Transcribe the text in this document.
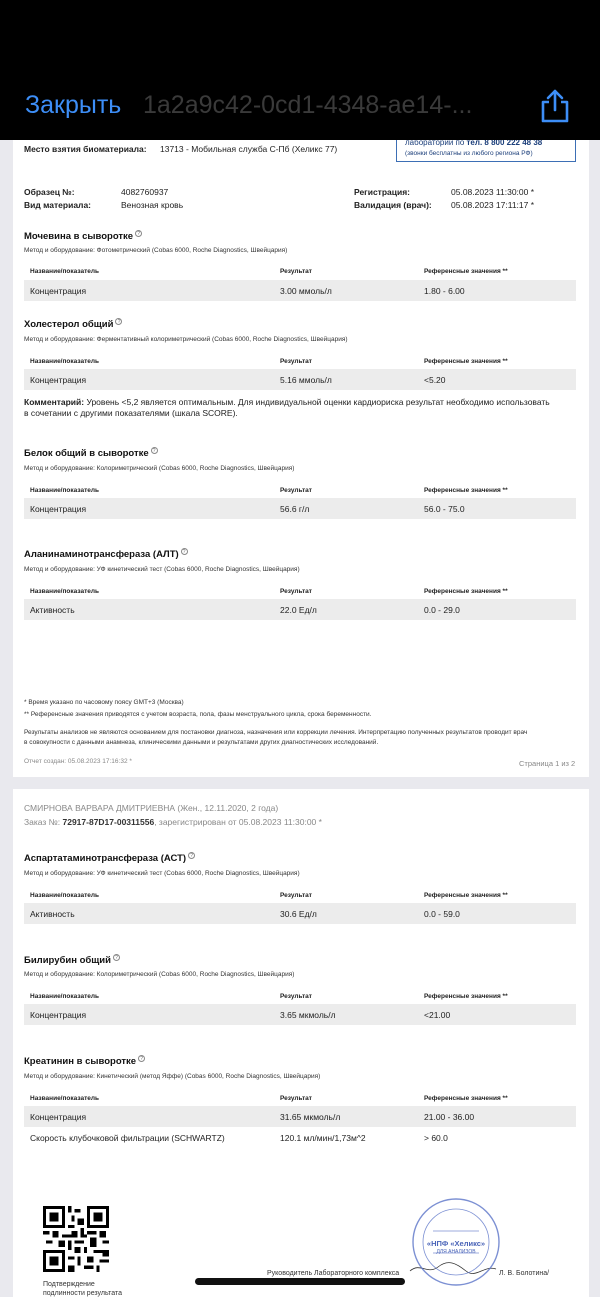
Закрыть 1a2a9c42-0cd1-4348-ae14-...
лаборатории по тел. 8 800 222 48 38
(звонки бесплатны из любого региона РФ)
Место взятия биоматериала: 13713 - Мобильная служба С-Пб (Хеликс 77)
Образец №:	4082760937
Вид материала:	Венозная кровь
Регистрация:	05.08.2023 11:30:00 *
Валидация (врач): 05.08.2023 17:11:17 *
Мочевина в сыворотке ?
Метод и оборудование: Фотометрический (Cobas 6000, Roche Diagnostics, Швейцария)
Название/показатель	Результат	Референсные значения **
Концентрация	3.00 ммоль/л	1.80 - 6.00
Холестерол общий ?
Метод и оборудование: Ферментативный колориметрический (Cobas 6000, Roche Diagnostics, Швейцария)
Название/показатель	Результат	Референсные значения **
Концентрация	5.16 ммоль/л	<5.20
Комментарий: Уровень <5,2 является оптимальным. Для индивидуальной оценки кардиориска результат необходимо использовать
в сочетании с другими показателями (шкала SCORE).
Белок общий в сыворотке ?
Метод и оборудование: Колориметрический (Cobas 6000, Roche Diagnostics, Швейцария)
Название/показатель	Результат	Референсные значения **
Концентрация	56.6 г/л	56.0 - 75.0
Аланинаминотрансфераза (АЛТ) ?
Метод и оборудование: УФ кинетический тест (Cobas 6000, Roche Diagnostics, Швейцария)
Название/показатель	Результат	Референсные значения **
Активность	22.0 Ед/л	0.0 - 29.0
* Время указано по часовому поясу GMT+3 (Москва)
** Референсные значения приводятся с учетом возраста, пола, фазы менструального цикла, срока беременности.
Результаты анализов не являются основанием для постановки диагноза, назначения или коррекции лечения. Интерпретацию полученных результатов проводит врач
в совокупности с данными анамнеза, клиническими данными и результатами других диагностических исследований.
Отчет создан: 05.08.2023 17:16:32 *	Страница 1 из 2
СМИРНОВА ВАРВАРА ДМИТРИЕВНА (Жен., 12.11.2020, 2 года)
Заказ №: 72917-87D17-00311556, зарегистрирован от 05.08.2023 11:30:00 *
Аспартатаминотрансфераза (АСТ) ?
Метод и оборудование: УФ кинетический тест (Cobas 6000, Roche Diagnostics, Швейцария)
Название/показатель	Результат	Референсные значения **
Активность	30.6 Ед/л	0.0 - 59.0
Билирубин общий ?
Метод и оборудование: Колориметрический (Cobas 6000, Roche Diagnostics, Швейцария)
Название/показатель	Результат	Референсные значения **
Концентрация	3.65 мкмоль/л	<21.00
Креатинин в сыворотке ?
Метод и оборудование: Кинетический (метод Яффе) (Cobas 6000, Roche Diagnostics, Швейцария)
Название/показатель	Результат	Референсные значения **
Концентрация	31.65 мкмоль/л	21.00 - 36.00
Скорость клубочковой фильтрации (SCHWARTZ)	120.1 мл/мин/1,73м^2	> 60.0
Подтверждение
подлинности результата
Руководитель Лабораторного комплекса	Л. В. Болотина/
«НПФ «Хеликс»
ДЛЯ АНАЛИЗОВ
